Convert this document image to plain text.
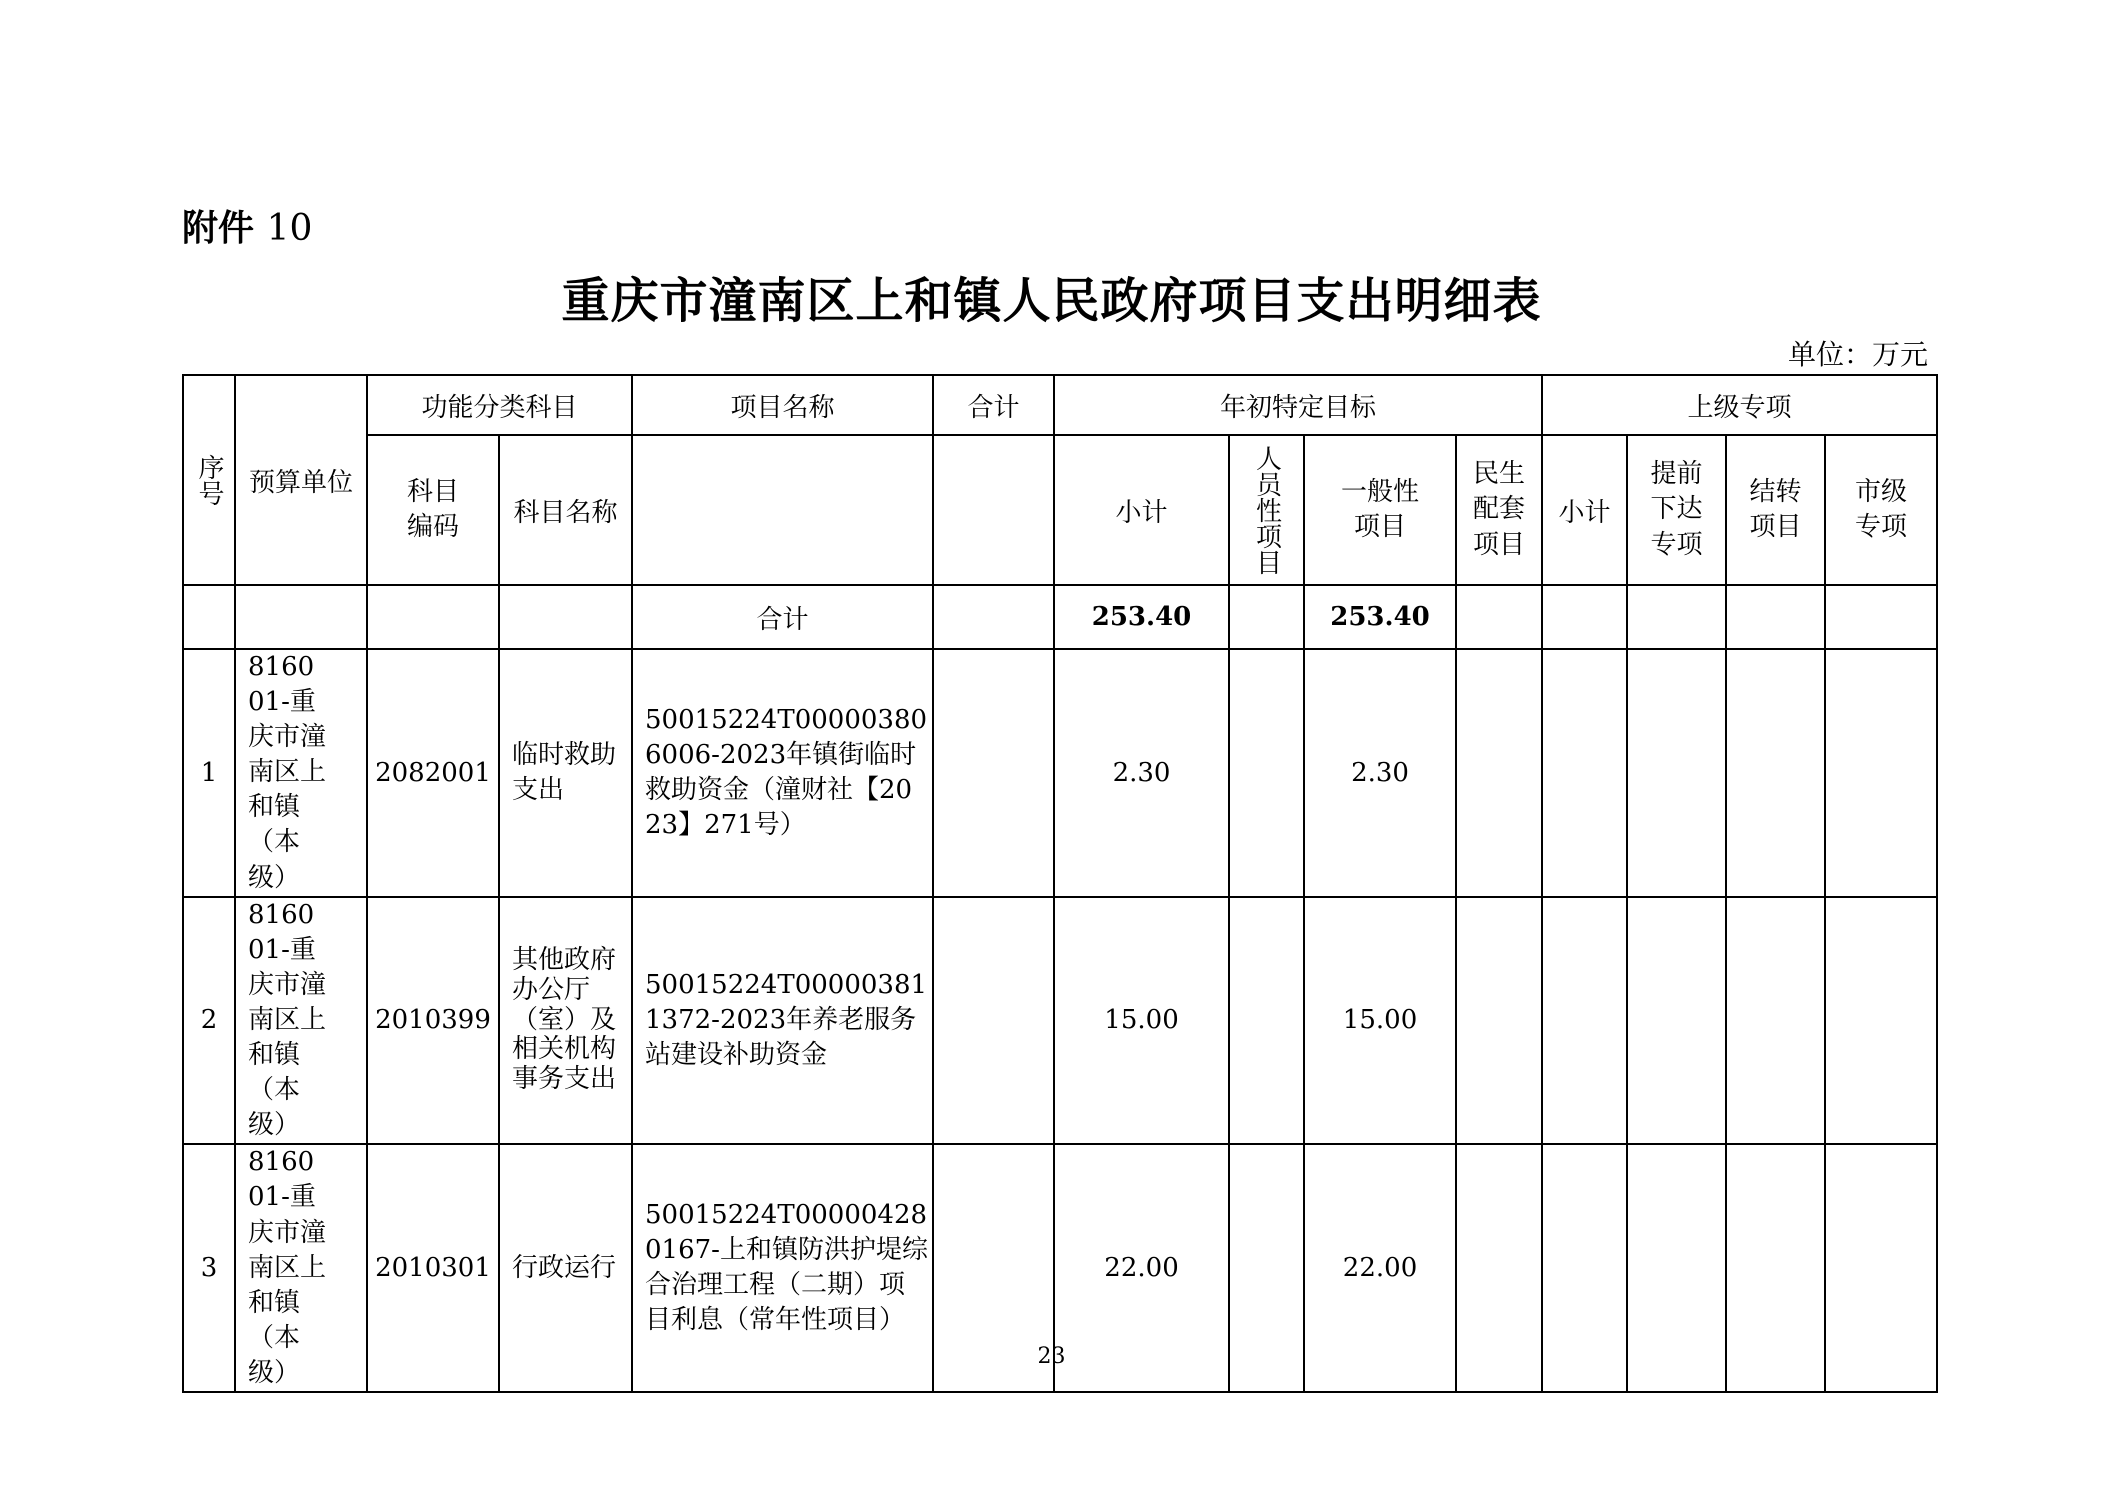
附件 10
重庆市潼南区上和镇人民政府项目支出明细表
单位：万元
序号	预算单位	功能分类科目		项目名称	合计	年初特定目标				上级专项			

		科目编码	科目名称			小计	人员性项目	一般性项目	民生配套项目	小计	提前下达专项	结转项目	市级专项

				合计		253.40		253.40					
1	816001-重庆市潼南区上和镇（本级）	2082001	临时救助支出	50015224T000003806006-2023年镇街临时救助资金（潼财社【2023】271号）		2.30		2.30					
2	816001-重庆市潼南区上和镇（本级）	2010399	其他政府办公厅（室）及相关机构事务支出	50015224T000003811372-2023年养老服务站建设补助资金		15.00		15.00					
3	816001-重庆市潼南区上和镇（本级）	2010301	行政运行	50015224T000004280167-上和镇防洪护堤综合治理工程（二期）项目利息（常年性项目）		22.00		22.00					
23
